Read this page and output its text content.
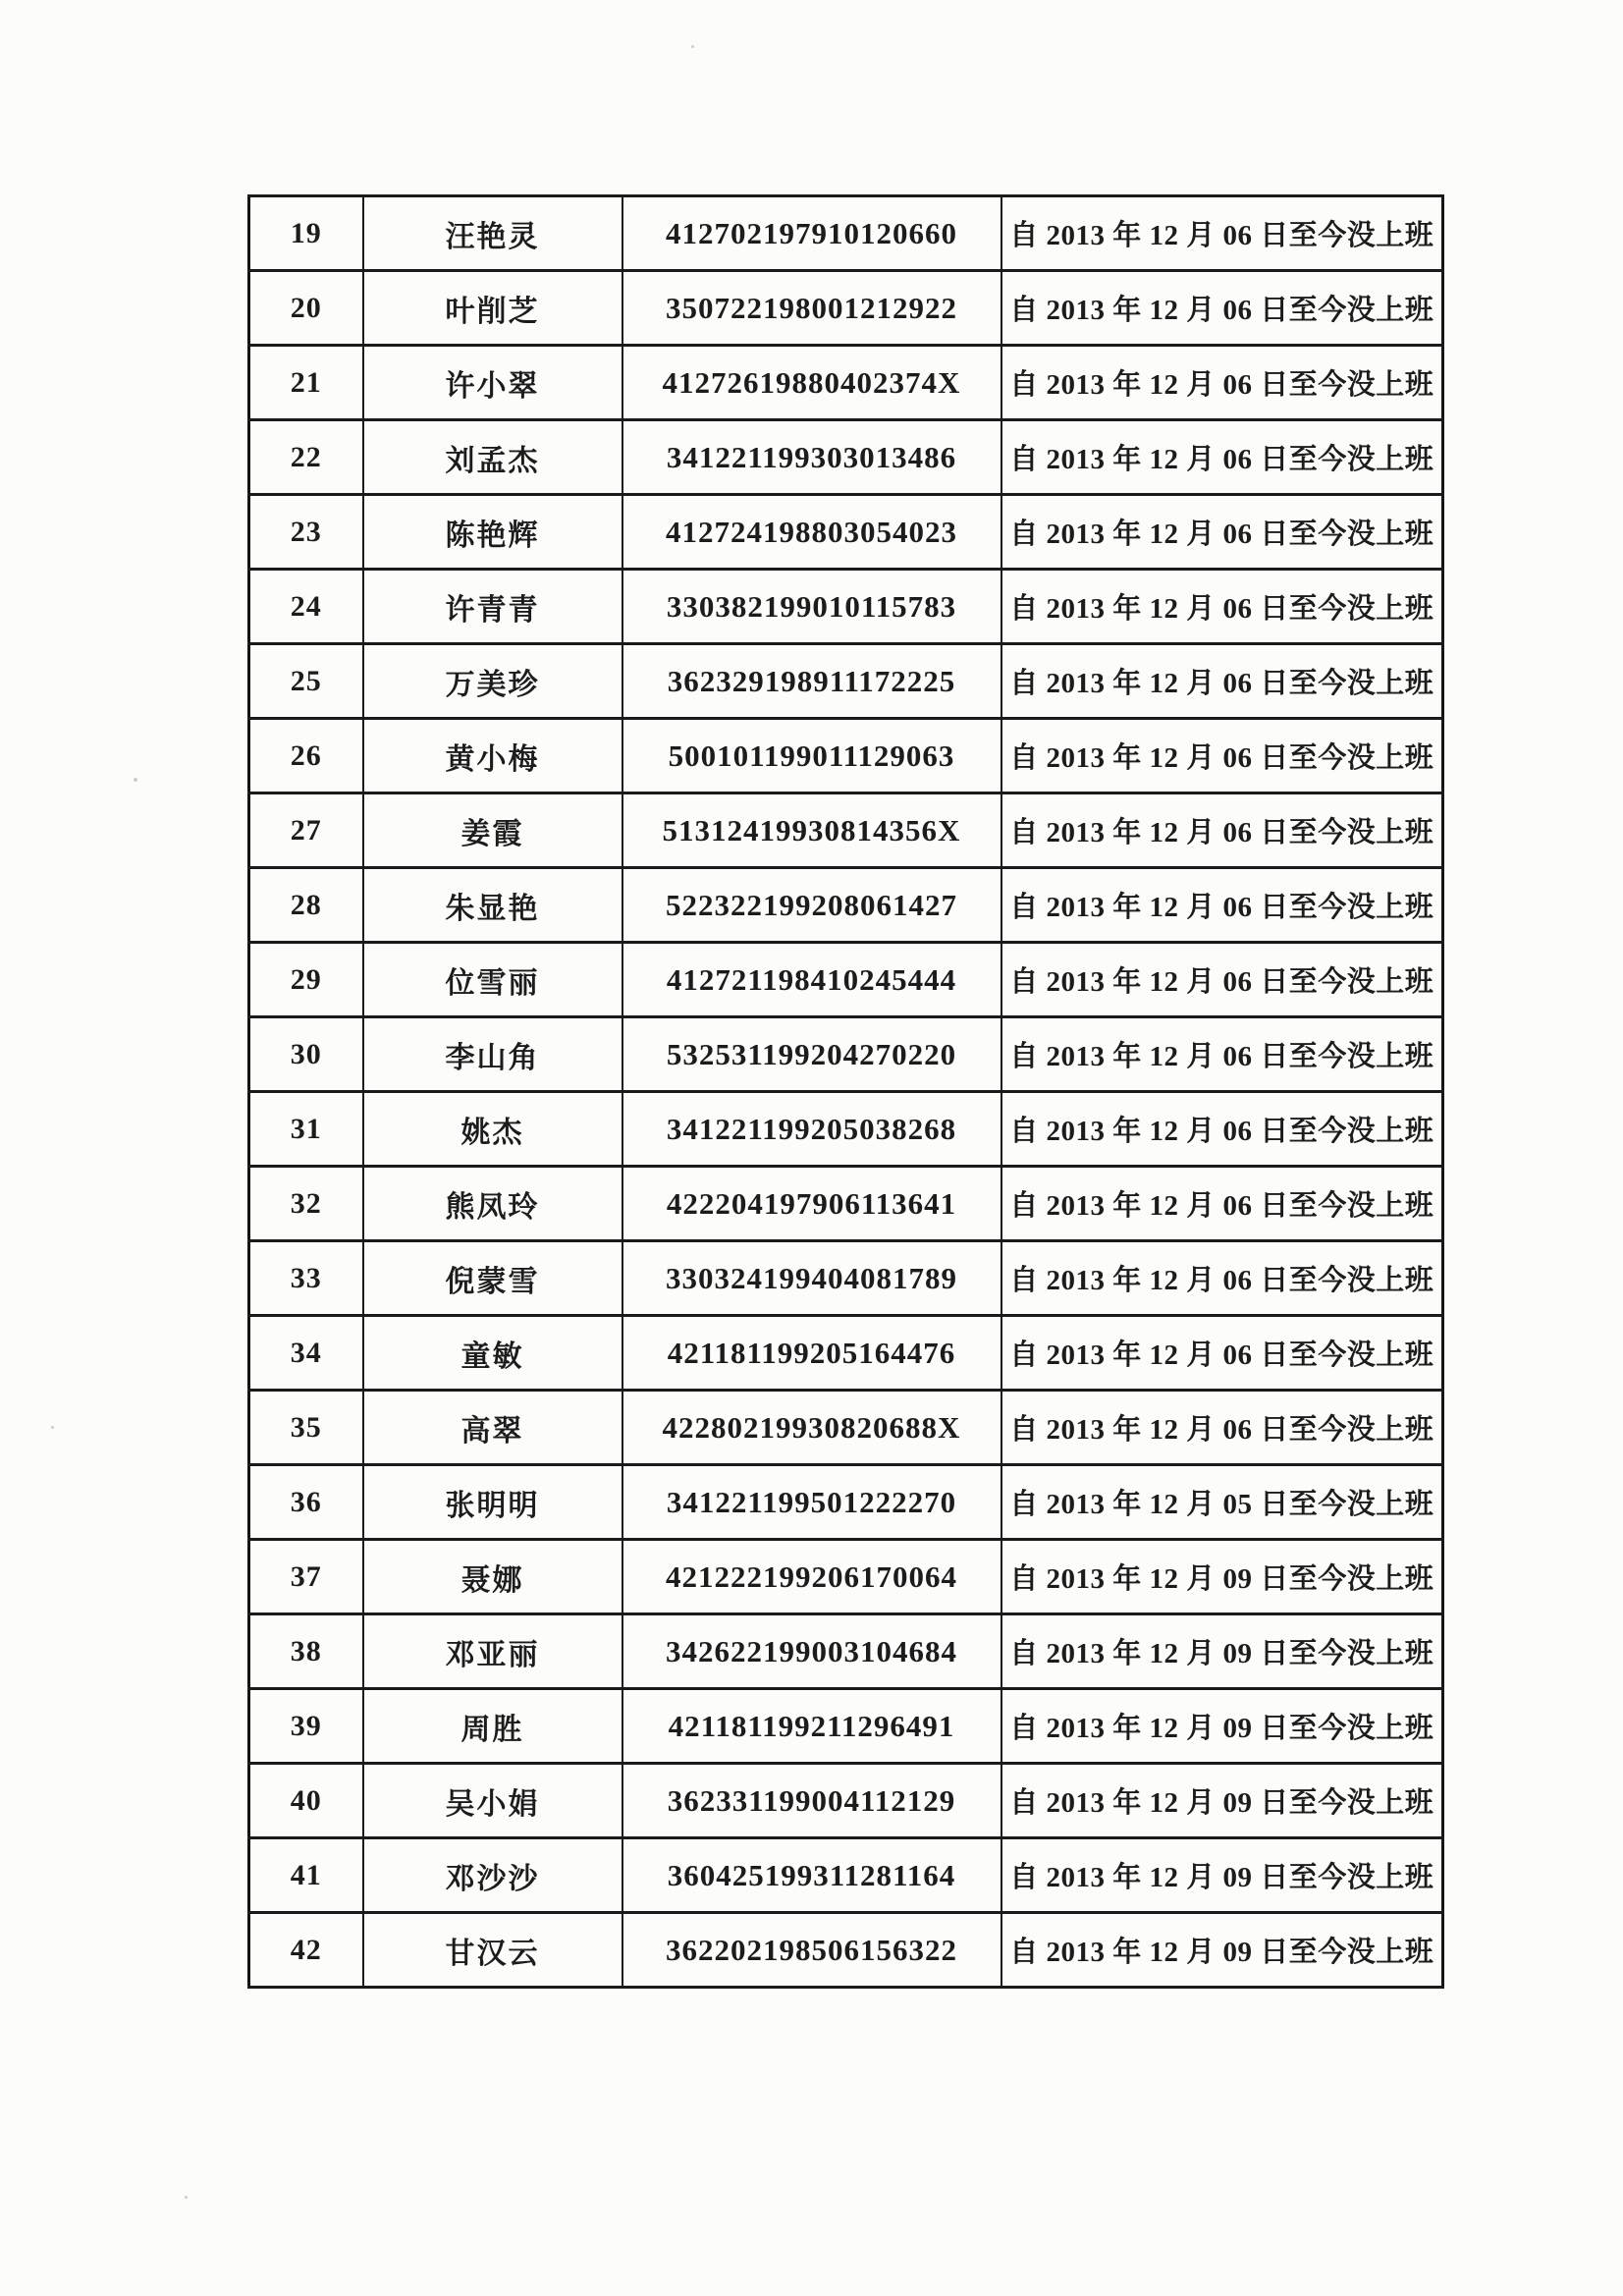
19	汪艳灵	412702197910120660	自 2013 年 12 月 06 日至今没上班
20	叶削芝	350722198001212922	自 2013 年 12 月 06 日至今没上班
21	许小翠	41272619880402374X	自 2013 年 12 月 06 日至今没上班
22	刘孟杰	341221199303013486	自 2013 年 12 月 06 日至今没上班
23	陈艳辉	412724198803054023	自 2013 年 12 月 06 日至今没上班
24	许青青	330382199010115783	自 2013 年 12 月 06 日至今没上班
25	万美珍	362329198911172225	自 2013 年 12 月 06 日至今没上班
26	黄小梅	500101199011129063	自 2013 年 12 月 06 日至今没上班
27	姜霞	51312419930814356X	自 2013 年 12 月 06 日至今没上班
28	朱显艳	522322199208061427	自 2013 年 12 月 06 日至今没上班
29	位雪丽	412721198410245444	自 2013 年 12 月 06 日至今没上班
30	李山角	532531199204270220	自 2013 年 12 月 06 日至今没上班
31	姚杰	341221199205038268	自 2013 年 12 月 06 日至今没上班
32	熊凤玲	422204197906113641	自 2013 年 12 月 06 日至今没上班
33	倪蒙雪	330324199404081789	自 2013 年 12 月 06 日至今没上班
34	童敏	421181199205164476	自 2013 年 12 月 06 日至今没上班
35	高翠	42280219930820688X	自 2013 年 12 月 06 日至今没上班
36	张明明	341221199501222270	自 2013 年 12 月 05 日至今没上班
37	聂娜	421222199206170064	自 2013 年 12 月 09 日至今没上班
38	邓亚丽	342622199003104684	自 2013 年 12 月 09 日至今没上班
39	周胜	421181199211296491	自 2013 年 12 月 09 日至今没上班
40	吴小娟	362331199004112129	自 2013 年 12 月 09 日至今没上班
41	邓沙沙	360425199311281164	自 2013 年 12 月 09 日至今没上班
42	甘汉云	362202198506156322	自 2013 年 12 月 09 日至今没上班
